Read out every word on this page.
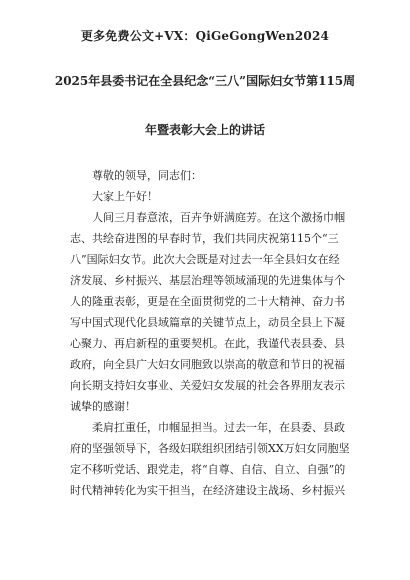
更多免费公文+VX：QiGeGongWen2024
2025年县委书记在全县纪念“三八”国际妇女节第115周
年暨表彰大会上的讲话
尊敬的领导，同志们：
大家上午好！
人间三月春意浓，百卉争妍满庭芳。在这个激扬巾帼
志、共绘奋进图的早春时节，我们共同庆祝第115个“三
八”国际妇女节。此次大会既是对过去一年全县妇女在经
济发展、乡村振兴、基层治理等领域涌现的先进集体与个
人的隆重表彰，更是在全面贯彻党的二十大精神、奋力书
写中国式现代化县域篇章的关键节点上，动员全县上下凝
心聚力、再启新程的重要契机。在此，我谨代表县委、县
政府，向全县广大妇女同胞致以崇高的敬意和节日的祝福
向长期支持妇女事业、关爱妇女发展的社会各界朋友表示
诚挚的感谢！
柔肩扛重任，巾帼显担当。过去一年，在县委、县政
府的坚强领导下，各级妇联组织团结引领XX万妇女同胞坚
定不移听党话、跟党走，将“自尊、自信、自立、自强”的
时代精神转化为实干担当，在经济建设主战场、乡村振兴
